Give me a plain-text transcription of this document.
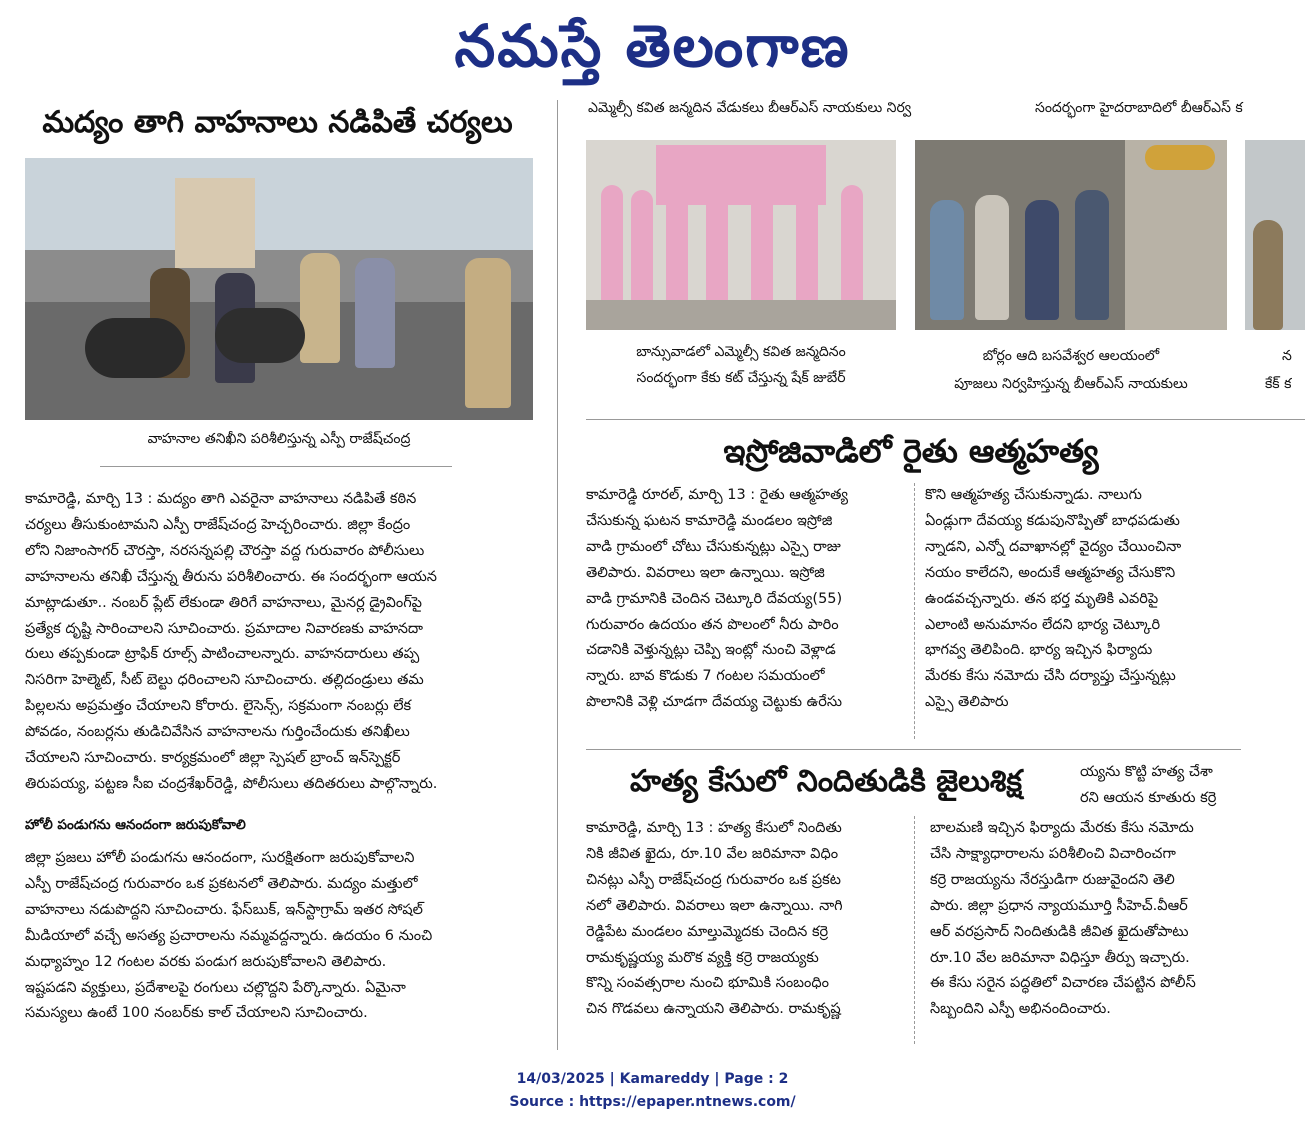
నమస్తే తెలంగాణ
మద్యం తాగి వాహనాలు నడిపితే చర్యలు
వాహనాల తనిఖీని పరిశీలిస్తున్న ఎస్పీ రాజేష్‌చంద్ర

కామారెడ్డి, మార్చి 13 : మద్యం తాగి ఎవరైనా వాహనాలు నడిపితే కఠిన

చర్యలు తీసుకుంటామని ఎస్పీ రాజేష్‌చంద్ర హెచ్చరించారు. జిల్లా కేంద్రం

లోని నిజాంసాగర్ చౌరస్తా, నరసన్నపల్లి చౌరస్తా వద్ద గురువారం పోలీసులు

వాహనాలను తనిఖీ చేస్తున్న తీరును పరిశీలించారు. ఈ సందర్భంగా ఆయన

మాట్లాడుతూ.. నంబర్ ప్లేట్ లేకుండా తిరిగే వాహనాలు, మైనర్ల డ్రైవింగ్‌పై

ప్రత్యేక దృష్టి సారించాలని సూచించారు. ప్రమాదాల నివారణకు వాహనదా

రులు తప్పకుండా ట్రాఫిక్ రూల్స్ పాటించాలన్నారు. వాహనదారులు తప్ప

నిసరిగా హెల్మెట్, సీట్ బెల్టు ధరించాలని సూచించారు. తల్లిదండ్రులు తమ

పిల్లలను అప్రమత్తం చేయాలని కోరారు. లైసెన్స్, సక్రమంగా నంబర్లు లేక

పోవడం, నంబర్లను తుడిచివేసిన వాహనాలను గుర్తించేందుకు తనిఖీలు

చేయాలని సూచించారు. కార్యక్రమంలో జిల్లా స్పెషల్ బ్రాంచ్ ఇన్‌స్పెక్టర్

తిరుపయ్య, పట్టణ సీఐ చంద్రశేఖర్‌రెడ్డి, పోలీసులు తదితరులు పాల్గొన్నారు.

హోలీ పండుగను ఆనందంగా జరుపుకోవాలి

జిల్లా ప్రజలు హోలీ పండుగను ఆనందంగా, సురక్షితంగా జరుపుకోవాలని

ఎస్పీ రాజేష్‌చంద్ర గురువారం ఒక ప్రకటనలో తెలిపారు. మద్యం మత్తులో

వాహనాలు నడుపొద్దని సూచించారు. ఫేస్‌బుక్, ఇన్‌స్టాగ్రామ్ ఇతర సోషల్

మీడియాలో వచ్చే అసత్య ప్రచారాలను నమ్మవద్దన్నారు. ఉదయం 6 నుంచి

మధ్యాహ్నం 12 గంటల వరకు పండుగ జరుపుకోవాలని తెలిపారు.

ఇష్టపడని వ్యక్తులు, ప్రదేశాలపై రంగులు చల్లొద్దని పేర్కొన్నారు. ఏమైనా

సమస్యలు ఉంటే 100 నంబర్‌కు కాల్ చేయాలని సూచించారు.

ఎమ్మెల్సీ కవిత జన్మదిన వేడుకలు బీఆర్‌ఎస్ నాయకులు నిర్వ	సందర్భంగా హైదరాబాదిలో బీఆర్‌ఎస్ క
బాన్సువాడలో ఎమ్మెల్సీ కవిత జన్మదినం
సందర్భంగా కేకు కట్ చేస్తున్న షేక్ జుబేర్
బోర్లం ఆది బసవేశ్వర ఆలయంలో
పూజలు నిర్వహిస్తున్న బీఆర్‌ఎస్ నాయకులు
న
కేక్ క
ఇస్రోజివాడిలో రైతు ఆత్మహత్య

కామారెడ్డి రూరల్, మార్చి 13 : రైతు ఆత్మహత్య

చేసుకున్న ఘటన కామారెడ్డి మండలం ఇస్రోజి

వాడి గ్రామంలో చోటు చేసుకున్నట్లు ఎస్సై రాజు

తెలిపారు. వివరాలు ఇలా ఉన్నాయి. ఇస్రోజి

వాడి గ్రామానికి చెందిన చెట్కూరి దేవయ్య(55)

గురువారం ఉదయం తన పొలంలో నీరు పారిం

చడానికి వెళ్తున్నట్లు చెప్పి ఇంట్లో నుంచి వెళ్లాడ

న్నారు. బావ కొడుకు 7 గంటల సమయంలో

పొలానికి వెళ్లి చూడగా దేవయ్య చెట్టుకు ఉరేసు

కొని ఆత్మహత్య చేసుకున్నాడు. నాలుగు

ఏండ్లుగా దేవయ్య కడుపునొప్పితో బాధపడుతు

న్నాడని, ఎన్నో దవాఖానల్లో వైద్యం చేయించినా

నయం కాలేదని, అందుకే ఆత్మహత్య చేసుకొని

ఉండవచ్చన్నారు. తన భర్త మృతికి ఎవరిపై

ఎలాంటి అనుమానం లేదని భార్య చెట్కూరి

భాగవ్వ తెలిపింది. భార్య ఇచ్చిన ఫిర్యాదు

మేరకు కేసు నమోదు చేసి దర్యాప్తు చేస్తున్నట్లు

ఎస్సై తెలిపారు

హత్య కేసులో నిందితుడికి జైలుశిక్ష	య్యను కొట్టి హత్య చేశా
రని ఆయన కూతురు కర్రె

కామారెడ్డి, మార్చి 13 : హత్య కేసులో నిందితు

నికి జీవిత ఖైదు, రూ.10 వేల జరిమానా విధిం

చినట్లు ఎస్పీ రాజేష్‌చంద్ర గురువారం ఒక ప్రకట

నలో తెలిపారు. వివరాలు ఇలా ఉన్నాయి. నాగి

రెడ్డిపేట మండలం మాల్తుమ్మెదకు చెందిన కర్రె

రామకృష్ణయ్య మరొక వ్యక్తి కర్రె రాజయ్యకు

కొన్ని సంవత్సరాల నుంచి భూమికి సంబంధిం

చిన గొడవలు ఉన్నాయని తెలిపారు. రామకృష్ణ

బాలమణి ఇచ్చిన ఫిర్యాదు మేరకు కేసు నమోదు

చేసి సాక్ష్యాధారాలను పరిశీలించి విచారించగా

కర్రె రాజయ్యను నేరస్తుడిగా రుజువైందని తెలి

పారు. జిల్లా ప్రధాన న్యాయమూర్తి సీహెచ్.వీఆర్

ఆర్ వరప్రసాద్ నిందితుడికి జీవిత ఖైదుతోపాటు

రూ.10 వేల జరిమానా విధిస్తూ తీర్పు ఇచ్చారు.

ఈ కేసు సరైన పద్ధతిలో విచారణ చేపట్టిన పోలీస్

సిబ్బందిని ఎస్పీ అభినందించారు.

14/03/2025 | Kamareddy | Page : 2
Source : https://epaper.ntnews.com/
